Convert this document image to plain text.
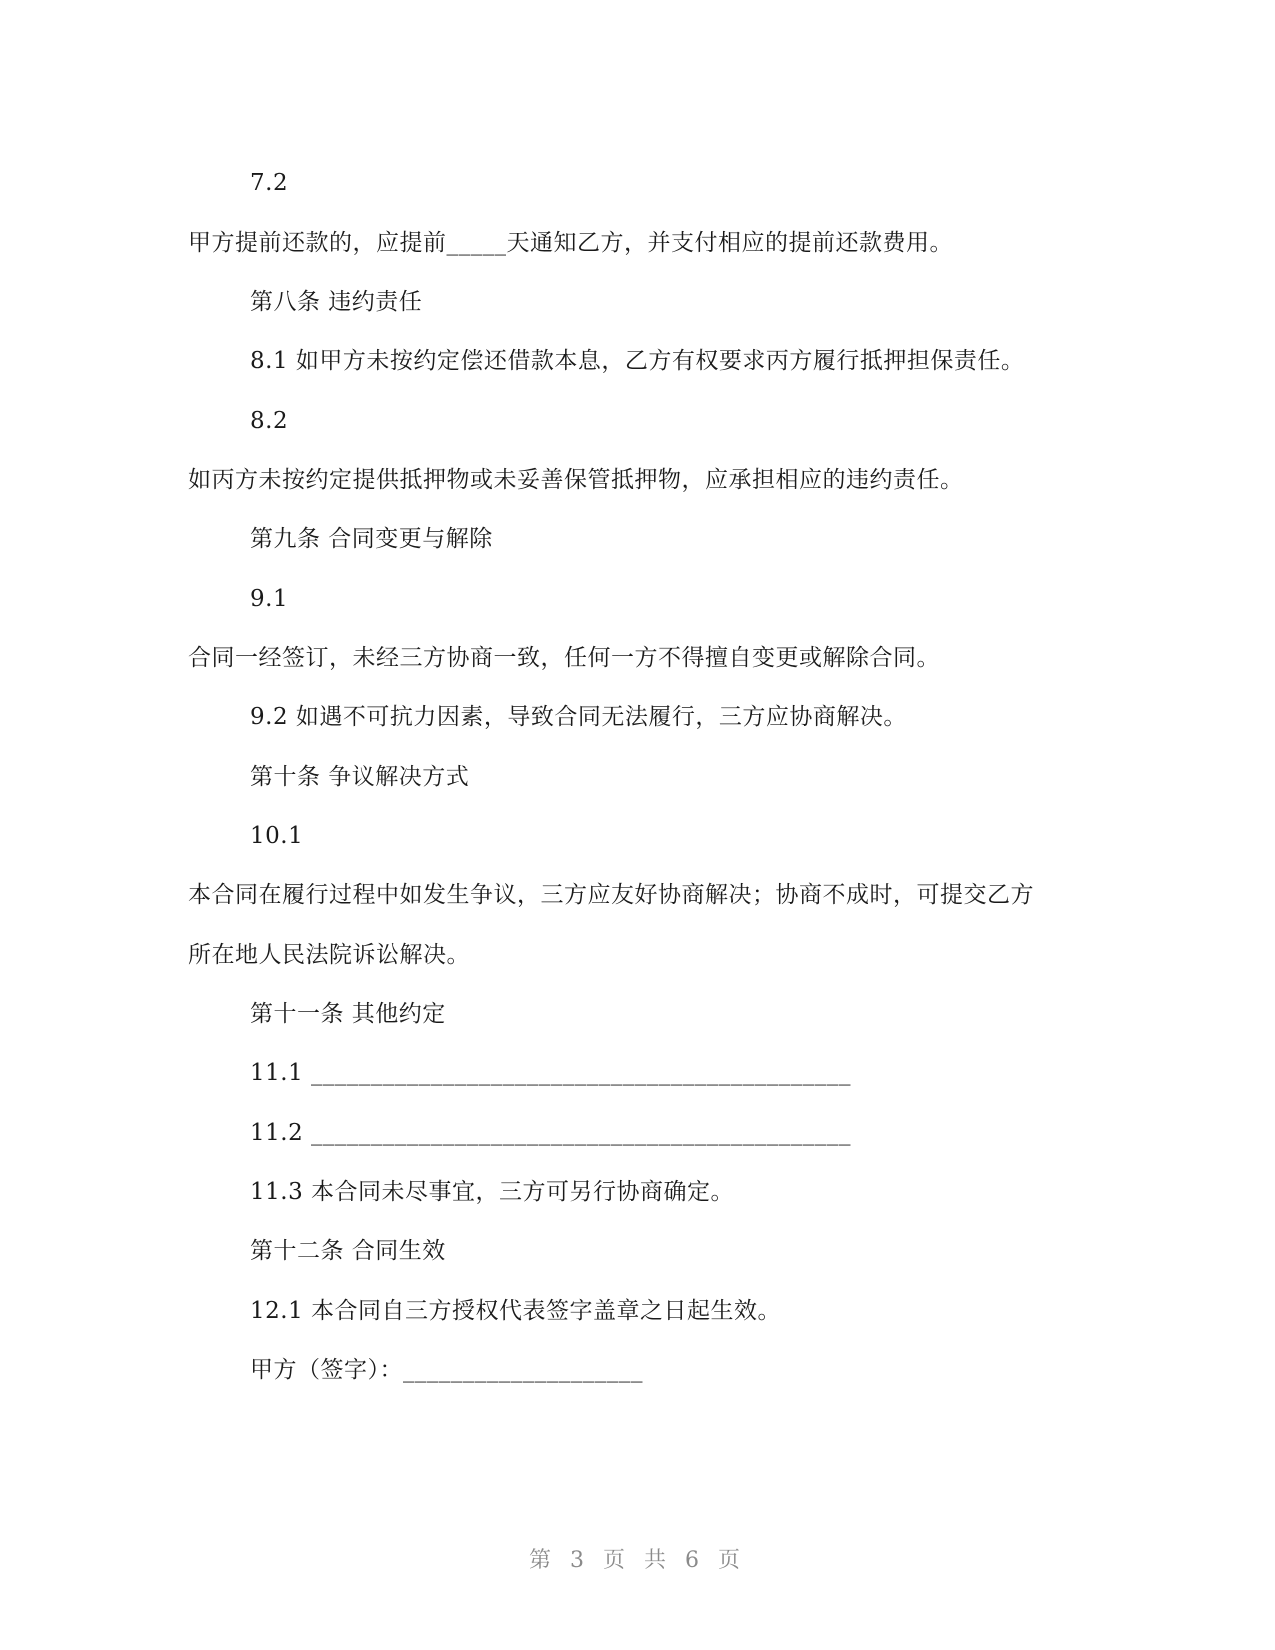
7.2
甲方提前还款的，应提前_____天通知乙方，并支付相应的提前还款费用。
第八条 违约责任
8.1 如甲方未按约定偿还借款本息，乙方有权要求丙方履行抵押担保责任。
8.2
如丙方未按约定提供抵押物或未妥善保管抵押物，应承担相应的违约责任。
第九条 合同变更与解除
9.1
合同一经签订，未经三方协商一致，任何一方不得擅自变更或解除合同。
9.2 如遇不可抗力因素，导致合同无法履行，三方应协商解决。
第十条 争议解决方式
10.1
本合同在履行过程中如发生争议，三方应友好协商解决；协商不成时，可提交乙方
所在地人民法院诉讼解决。
第十一条 其他约定
11.1 _____________________________________________
11.2 _____________________________________________
11.3 本合同未尽事宜，三方可另行协商确定。
第十二条 合同生效
12.1 本合同自三方授权代表签字盖章之日起生效。
甲方（签字）：____________________
第 3 页 共 6 页
